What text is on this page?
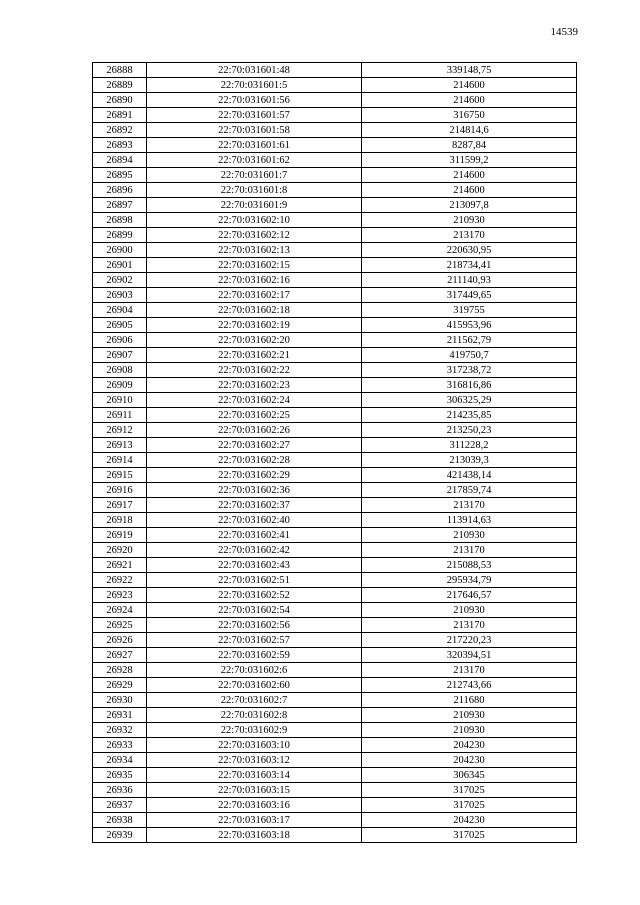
14539
26888	22:70:031601:48	339148,75
26889	22:70:031601:5	214600
26890	22:70:031601:56	214600
26891	22:70:031601:57	316750
26892	22:70:031601:58	214814,6
26893	22:70:031601:61	8287,84
26894	22:70:031601:62	311599,2
26895	22:70:031601:7	214600
26896	22:70:031601:8	214600
26897	22:70:031601:9	213097,8
26898	22:70:031602:10	210930
26899	22:70:031602:12	213170
26900	22:70:031602:13	220630,95
26901	22:70:031602:15	218734,41
26902	22:70:031602:16	211140,93
26903	22:70:031602:17	317449,65
26904	22:70:031602:18	319755
26905	22:70:031602:19	415953,96
26906	22:70:031602:20	211562,79
26907	22:70:031602:21	419750,7
26908	22:70:031602:22	317238,72
26909	22:70:031602:23	316816,86
26910	22:70:031602:24	306325,29
26911	22:70:031602:25	214235,85
26912	22:70:031602:26	213250,23
26913	22:70:031602:27	311228,2
26914	22:70:031602:28	213039,3
26915	22:70:031602:29	421438,14
26916	22:70:031602:36	217859,74
26917	22:70:031602:37	213170
26918	22:70:031602:40	113914,63
26919	22:70:031602:41	210930
26920	22:70:031602:42	213170
26921	22:70:031602:43	215088,53
26922	22:70:031602:51	295934,79
26923	22:70:031602:52	217646,57
26924	22:70:031602:54	210930
26925	22:70:031602:56	213170
26926	22:70:031602:57	217220,23
26927	22:70:031602:59	320394,51
26928	22:70:031602:6	213170
26929	22:70:031602:60	212743,66
26930	22:70:031602:7	211680
26931	22:70:031602:8	210930
26932	22:70:031602:9	210930
26933	22:70:031603:10	204230
26934	22:70:031603:12	204230
26935	22:70:031603:14	306345
26936	22:70:031603:15	317025
26937	22:70:031603:16	317025
26938	22:70:031603:17	204230
26939	22:70:031603:18	317025
